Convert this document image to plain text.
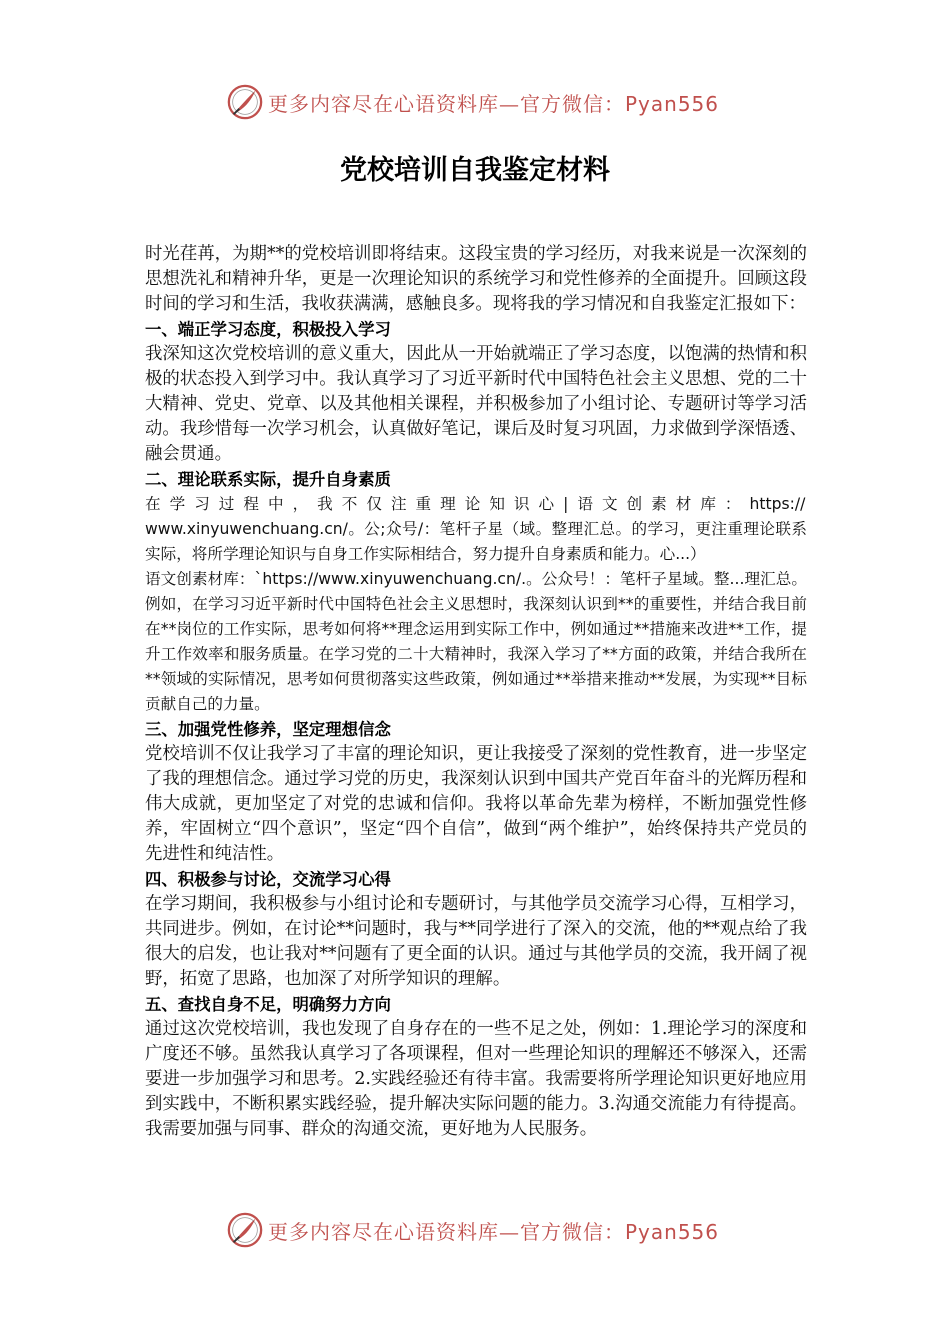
更多内容尽在心语资料库—官方微信：Pyan556
党校培训自我鉴定材料

时光荏苒，为期**的党校培训即将结束。这段宝贵的学习经历，对我来说是一次深刻的思想洗礼和精神升华，更是一次理论知识的系统学习和党性修养的全面提升。回顾这段时间的学习和生活，我收获满满，感触良多。现将我的学习情况和自我鉴定汇报如下：

一、端正学习态度，积极投入学习

我深知这次党校培训的意义重大，因此从一开始就端正了学习态度，以饱满的热情和积极的状态投入到学习中。我认真学习了习近平新时代中国特色社会主义思想、党的二十大精神、党史、党章、以及其他相关课程，并积极参加了小组讨论、专题研讨等学习活动。我珍惜每一次学习机会，认真做好笔记，课后及时复习巩固，力求做到学深悟透、融会贯通。

二、理论联系实际，提升自身素质

在学习过程中，我不仅注重理论知识心|语文创素材库：https://

www.xinyuwenchuang.cn/。公;众号/：笔杆子星（域。整理汇总。的学习，更注重理论联系实际，将所学理论知识与自身工作实际相结合，努力提升自身素质和能力。心...）

语文创素材库：`https://www.xinyuwenchuang.cn/.。公众号！：笔杆子星域。整...理汇总。例如，在学习习近平新时代中国特色社会主义思想时，我深刻认识到**的重要性，并结合我目前在**岗位的工作实际，思考如何将**理念运用到实际工作中，例如通过**措施来改进**工作，提升工作效率和服务质量。在学习党的二十大精神时，我深入学习了**方面的政策，并结合我所在**领域的实际情况，思考如何贯彻落实这些政策，例如通过**举措来推动**发展，为实现**目标贡献自己的力量。

三、加强党性修养，坚定理想信念

党校培训不仅让我学习了丰富的理论知识，更让我接受了深刻的党性教育，进一步坚定了我的理想信念。通过学习党的历史，我深刻认识到中国共产党百年奋斗的光辉历程和伟大成就，更加坚定了对党的忠诚和信仰。我将以革命先辈为榜样，不断加强党性修养，牢固树立“四个意识”，坚定“四个自信”，做到“两个维护”，始终保持共产党员的先进性和纯洁性。

四、积极参与讨论，交流学习心得

在学习期间，我积极参与小组讨论和专题研讨，与其他学员交流学习心得，互相学习，共同进步。例如，在讨论**问题时，我与**同学进行了深入的交流，他的**观点给了我很大的启发，也让我对**问题有了更全面的认识。通过与其他学员的交流，我开阔了视野，拓宽了思路，也加深了对所学知识的理解。

五、查找自身不足，明确努力方向

通过这次党校培训，我也发现了自身存在的一些不足之处，例如：1.理论学习的深度和广度还不够。虽然我认真学习了各项课程，但对一些理论知识的理解还不够深入，还需要进一步加强学习和思考。2.实践经验还有待丰富。我需要将所学理论知识更好地应用到实践中，不断积累实践经验，提升解决实际问题的能力。3.沟通交流能力有待提高。我需要加强与同事、群众的沟通交流，更好地为人民服务。

更多内容尽在心语资料库—官方微信：Pyan556
